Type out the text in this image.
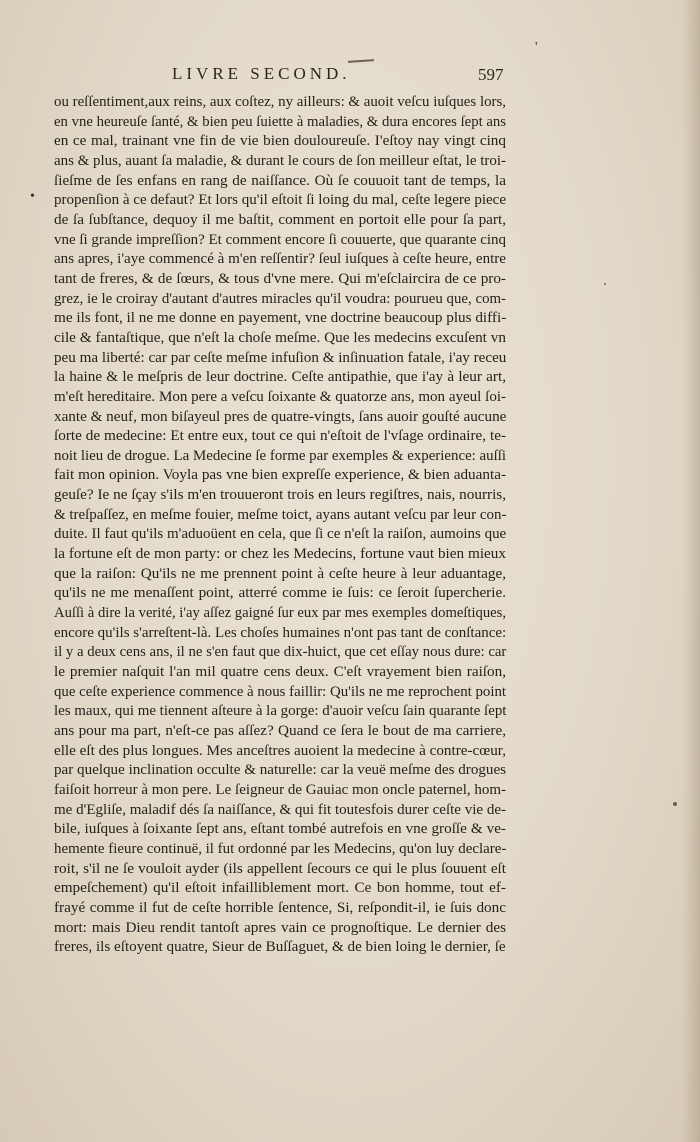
LIVRE SECOND.	597
•
'
ou reſſentiment,aux reins, aux coſtez, ny ailleurs: & auoit veſcu iuſques lors,
en vne heureuſe ſanté, & bien peu ſuiette à maladies, & dura encores ſept ans
en ce mal, trainant vne fin de vie bien douloureuſe. I'eſtoy nay vingt cinq
ans & plus, auant ſa maladie, & durant le cours de ſon meilleur eſtat, le troi-
ſieſme de ſes enfans en rang de naiſſance. Où ſe couuoit tant de temps, la
propenſion à ce defaut? Et lors qu'il eſtoit ſi loing du mal, ceſte legere piece
de ſa ſubſtance, dequoy il me baſtit, comment en portoit elle pour ſa part,
vne ſi grande impreſſion? Et comment encore ſi couuerte, que quarante cinq
ans apres, i'aye commencé à m'en reſſentir? ſeul iuſques à ceſte heure, entre
tant de freres, & de ſœurs, & tous d'vne mere. Qui m'eſclaircira de ce pro-
grez, ie le croiray d'autant d'autres miracles qu'il voudra: pourueu que, com-
me ils font, il ne me donne en payement, vne doctrine beaucoup plus diffi-
cile & fantaſtique, que n'eſt la choſe meſme. Que les medecins excuſent vn
peu ma liberté: car par ceſte meſme infuſion & inſinuation fatale, i'ay receu
la haine & le meſpris de leur doctrine. Ceſte antipathie, que i'ay à leur art,
m'eſt hereditaire. Mon pere a veſcu ſoixante & quatorze ans, mon ayeul ſoi-
xante & neuf, mon biſayeul pres de quatre-vingts, ſans auoir gouſté aucune
ſorte de medecine: Et entre eux, tout ce qui n'eſtoit de l'vſage ordinaire, te-
noit lieu de drogue. La Medecine ſe forme par exemples & experience: auſſi
fait mon opinion. Voyla pas vne bien expreſſe experience, & bien aduanta-
geuſe? Ie ne ſçay s'ils m'en trouueront trois en leurs regiſtres, nais, nourris,
& treſpaſſez, en meſme fouier, meſme toict, ayans autant veſcu par leur con-
duite. Il faut qu'ils m'aduoüent en cela, que ſi ce n'eſt la raiſon, aumoins que
la fortune eſt de mon party: or chez les Medecins, fortune vaut bien mieux
que la raiſon: Qu'ils ne me prennent point à ceſte heure à leur aduantage,
qu'ils ne me menaſſent point, atterré comme ie ſuis: ce ſeroit ſupercherie.
Auſſi à dire la verité, i'ay aſſez gaigné ſur eux par mes exemples domeſtiques,
encore qu'ils s'arreſtent-là. Les choſes humaines n'ont pas tant de conſtance:
il y a deux cens ans, il ne s'en faut que dix-huict, que cet eſſay nous dure: car
le premier naſquit l'an mil quatre cens deux. C'eſt vrayement bien raiſon,
que ceſte experience commence à nous faillir: Qu'ils ne me reprochent point
les maux, qui me tiennent aſteure à la gorge: d'auoir veſcu ſain quarante ſept
ans pour ma part, n'eſt-ce pas aſſez? Quand ce ſera le bout de ma carriere,
elle eſt des plus longues. Mes anceſtres auoient la medecine à contre-cœur,
par quelque inclination occulte & naturelle: car la veuë meſme des drogues
faiſoit horreur à mon pere. Le ſeigneur de Gauiac mon oncle paternel, hom-
me d'Egliſe, maladif dés ſa naiſſance, & qui fit toutesfois durer ceſte vie de-
bile, iuſques à ſoixante ſept ans, eſtant tombé autrefois en vne groſſe & ve-
hemente fieure continuë, il fut ordonné par les Medecins, qu'on luy declare-
roit, s'il ne ſe vouloit ayder (ils appellent ſecours ce qui le plus ſouuent eſt
empeſchement) qu'il eſtoit infailliblement mort. Ce bon homme, tout ef-
frayé comme il fut de ceſte horrible ſentence, Si, reſpondit-il, ie ſuis donc
mort: mais Dieu rendit tantoſt apres vain ce prognoſtique. Le dernier des
freres, ils eſtoyent quatre, Sieur de Buſſaguet, & de bien loing le dernier, ſe
